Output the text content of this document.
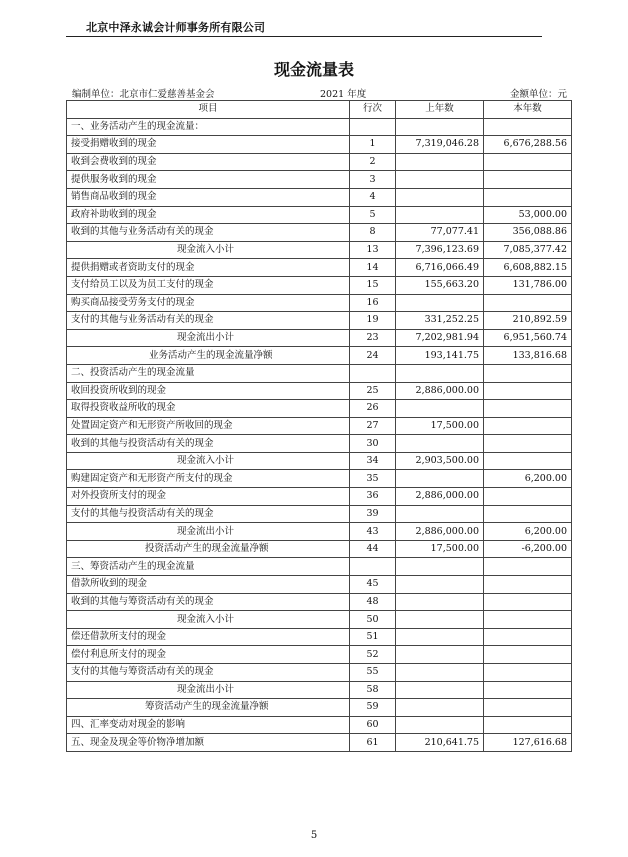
北京中泽永诚会计师事务所有限公司
现金流量表
编制单位：北京市仁爱慈善基金会	2021 年度	金额单位：元
项目	行次	上年数	本年数
一、业务活动产生的现金流量：			
接受捐赠收到的现金	1	7,319,046.28	6,676,288.56
收到会费收到的现金	2		
提供服务收到的现金	3		
销售商品收到的现金	4		
政府补助收到的现金	5		53,000.00
收到的其他与业务活动有关的现金	8	77,077.41	356,088.86
现金流入小计	13	7,396,123.69	7,085,377.42
提供捐赠或者资助支付的现金	14	6,716,066.49	6,608,882.15
支付给员工以及为员工支付的现金	15	155,663.20	131,786.00
购买商品接受劳务支付的现金	16		
支付的其他与业务活动有关的现金	19	331,252.25	210,892.59
现金流出小计	23	7,202,981.94	6,951,560.74
业务活动产生的现金流量净额	24	193,141.75	133,816.68
二、投资活动产生的现金流量			
收回投资所收到的现金	25	2,886,000.00	
取得投资收益所收的现金	26		
处置固定资产和无形资产所收回的现金	27	17,500.00	
收到的其他与投资活动有关的现金	30		
现金流入小计	34	2,903,500.00	
购建固定资产和无形资产所支付的现金	35		6,200.00
对外投资所支付的现金	36	2,886,000.00	
支付的其他与投资活动有关的现金	39		
现金流出小计	43	2,886,000.00	6,200.00
投资活动产生的现金流量净额	44	17,500.00	-6,200.00
三、筹资活动产生的现金流量			
借款所收到的现金	45		
收到的其他与筹资活动有关的现金	48		
现金流入小计	50		
偿还借款所支付的现金	51		
偿付利息所支付的现金	52		
支付的其他与筹资活动有关的现金	55		
现金流出小计	58		
筹资活动产生的现金流量净额	59		
四、汇率变动对现金的影响	60		
五、现金及现金等价物净增加额	61	210,641.75	127,616.68
5
